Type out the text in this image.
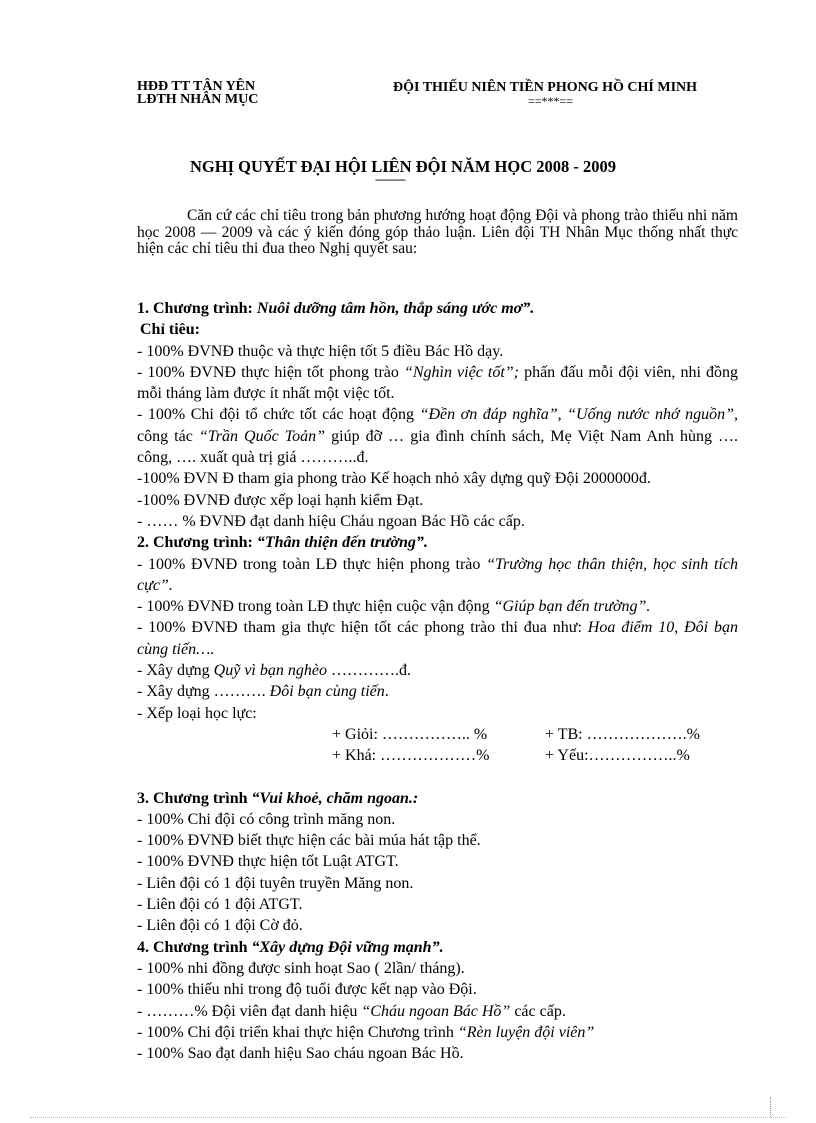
HĐĐ TT TÂN YÊN
LĐTH NHÂN MỤC
ĐỘI THIẾU NIÊN TIỀN PHONG HỒ CHÍ MINH
==***==
NGHỊ QUYẾT ĐẠI HỘI LIÊN ĐỘI NĂM HỌC 2008 - 2009
----------
Căn cứ các chỉ tiêu trong bản phương hướng hoạt động Đội và phong trào thiếu nhi năm học 2008 — 2009 và các ý kiến đóng góp thảo luận. Liên đội TH Nhân Mục thống nhất thực hiện các chỉ tiêu thi đua theo Nghị quyết sau:

1. Chương trình: Nuôi dưỡng tâm hồn, thắp sáng ước mơ”.

Chỉ tiêu:

- 100% ĐVNĐ thuộc và thực hiện tốt 5 điều Bác Hồ dạy.

- 100% ĐVNĐ thực hiện tốt phong trào “Nghìn việc tốt”; phấn đấu mỗi đội viên, nhi đồng mỗi tháng làm được ít nhất một việc tốt.

- 100% Chi đội tổ chức tốt các hoạt động “Đền ơn đáp nghĩa”, “Uống nước nhớ nguồn”, công tác “Trần Quốc Toản” giúp đỡ … gia đình chính sách, Mẹ Việt Nam Anh hùng …. công, …. xuất quà trị giá ………..đ.

-100% ĐVN Đ tham gia phong trào Kế hoạch nhỏ xây dựng quỹ Đội 2000000đ.

-100% ĐVNĐ được xếp loại hạnh kiểm Đạt.

- …… % ĐVNĐ đạt danh hiệu Cháu ngoan Bác Hồ các cấp.

2. Chương trình: “Thân thiện đến trường”.

- 100% ĐVNĐ trong toàn LĐ thực hiện phong trào “Trường học thân thiện, học sinh tích cực”.

- 100% ĐVNĐ trong toàn LĐ thực hiện cuộc vận động “Giúp bạn đến trường”.

- 100% ĐVNĐ tham gia thực hiện tốt các phong trào thi đua như: Hoa điểm 10, Đôi bạn cùng tiến….

- Xây dựng Quỹ vì bạn nghèo ………….đ.

- Xây dựng ………. Đôi bạn cùng tiến.

- Xếp loại học lực:

+ Giỏi: …………….. %	+ TB: ……………….%
+ Khá: ………………%	+ Yếu:……………..%

3. Chương trình “Vui khoẻ, chăm ngoan.:

- 100% Chi đội có công trình măng non.

- 100% ĐVNĐ biết thực hiện các bài múa hát tập thể.

- 100% ĐVNĐ thực hiện tốt Luật ATGT.

- Liên đội có 1 đội tuyên truyền Măng non.

- Liên đội có 1 đội ATGT.

- Liên đội có 1 đội Cờ đỏ.

4. Chương trình “Xây dựng Đội vững mạnh”.

- 100% nhi đồng được sinh hoạt Sao ( 2lần/ tháng).

- 100% thiếu nhi trong độ tuổi được kết nạp vào Đội.

- ………% Đội viên đạt danh hiệu “Cháu ngoan Bác Hồ” các cấp.

- 100% Chi đội triển khai thực hiện Chương trình “Rèn luyện đội viên”

- 100% Sao đạt danh hiệu Sao cháu ngoan Bác Hồ.
